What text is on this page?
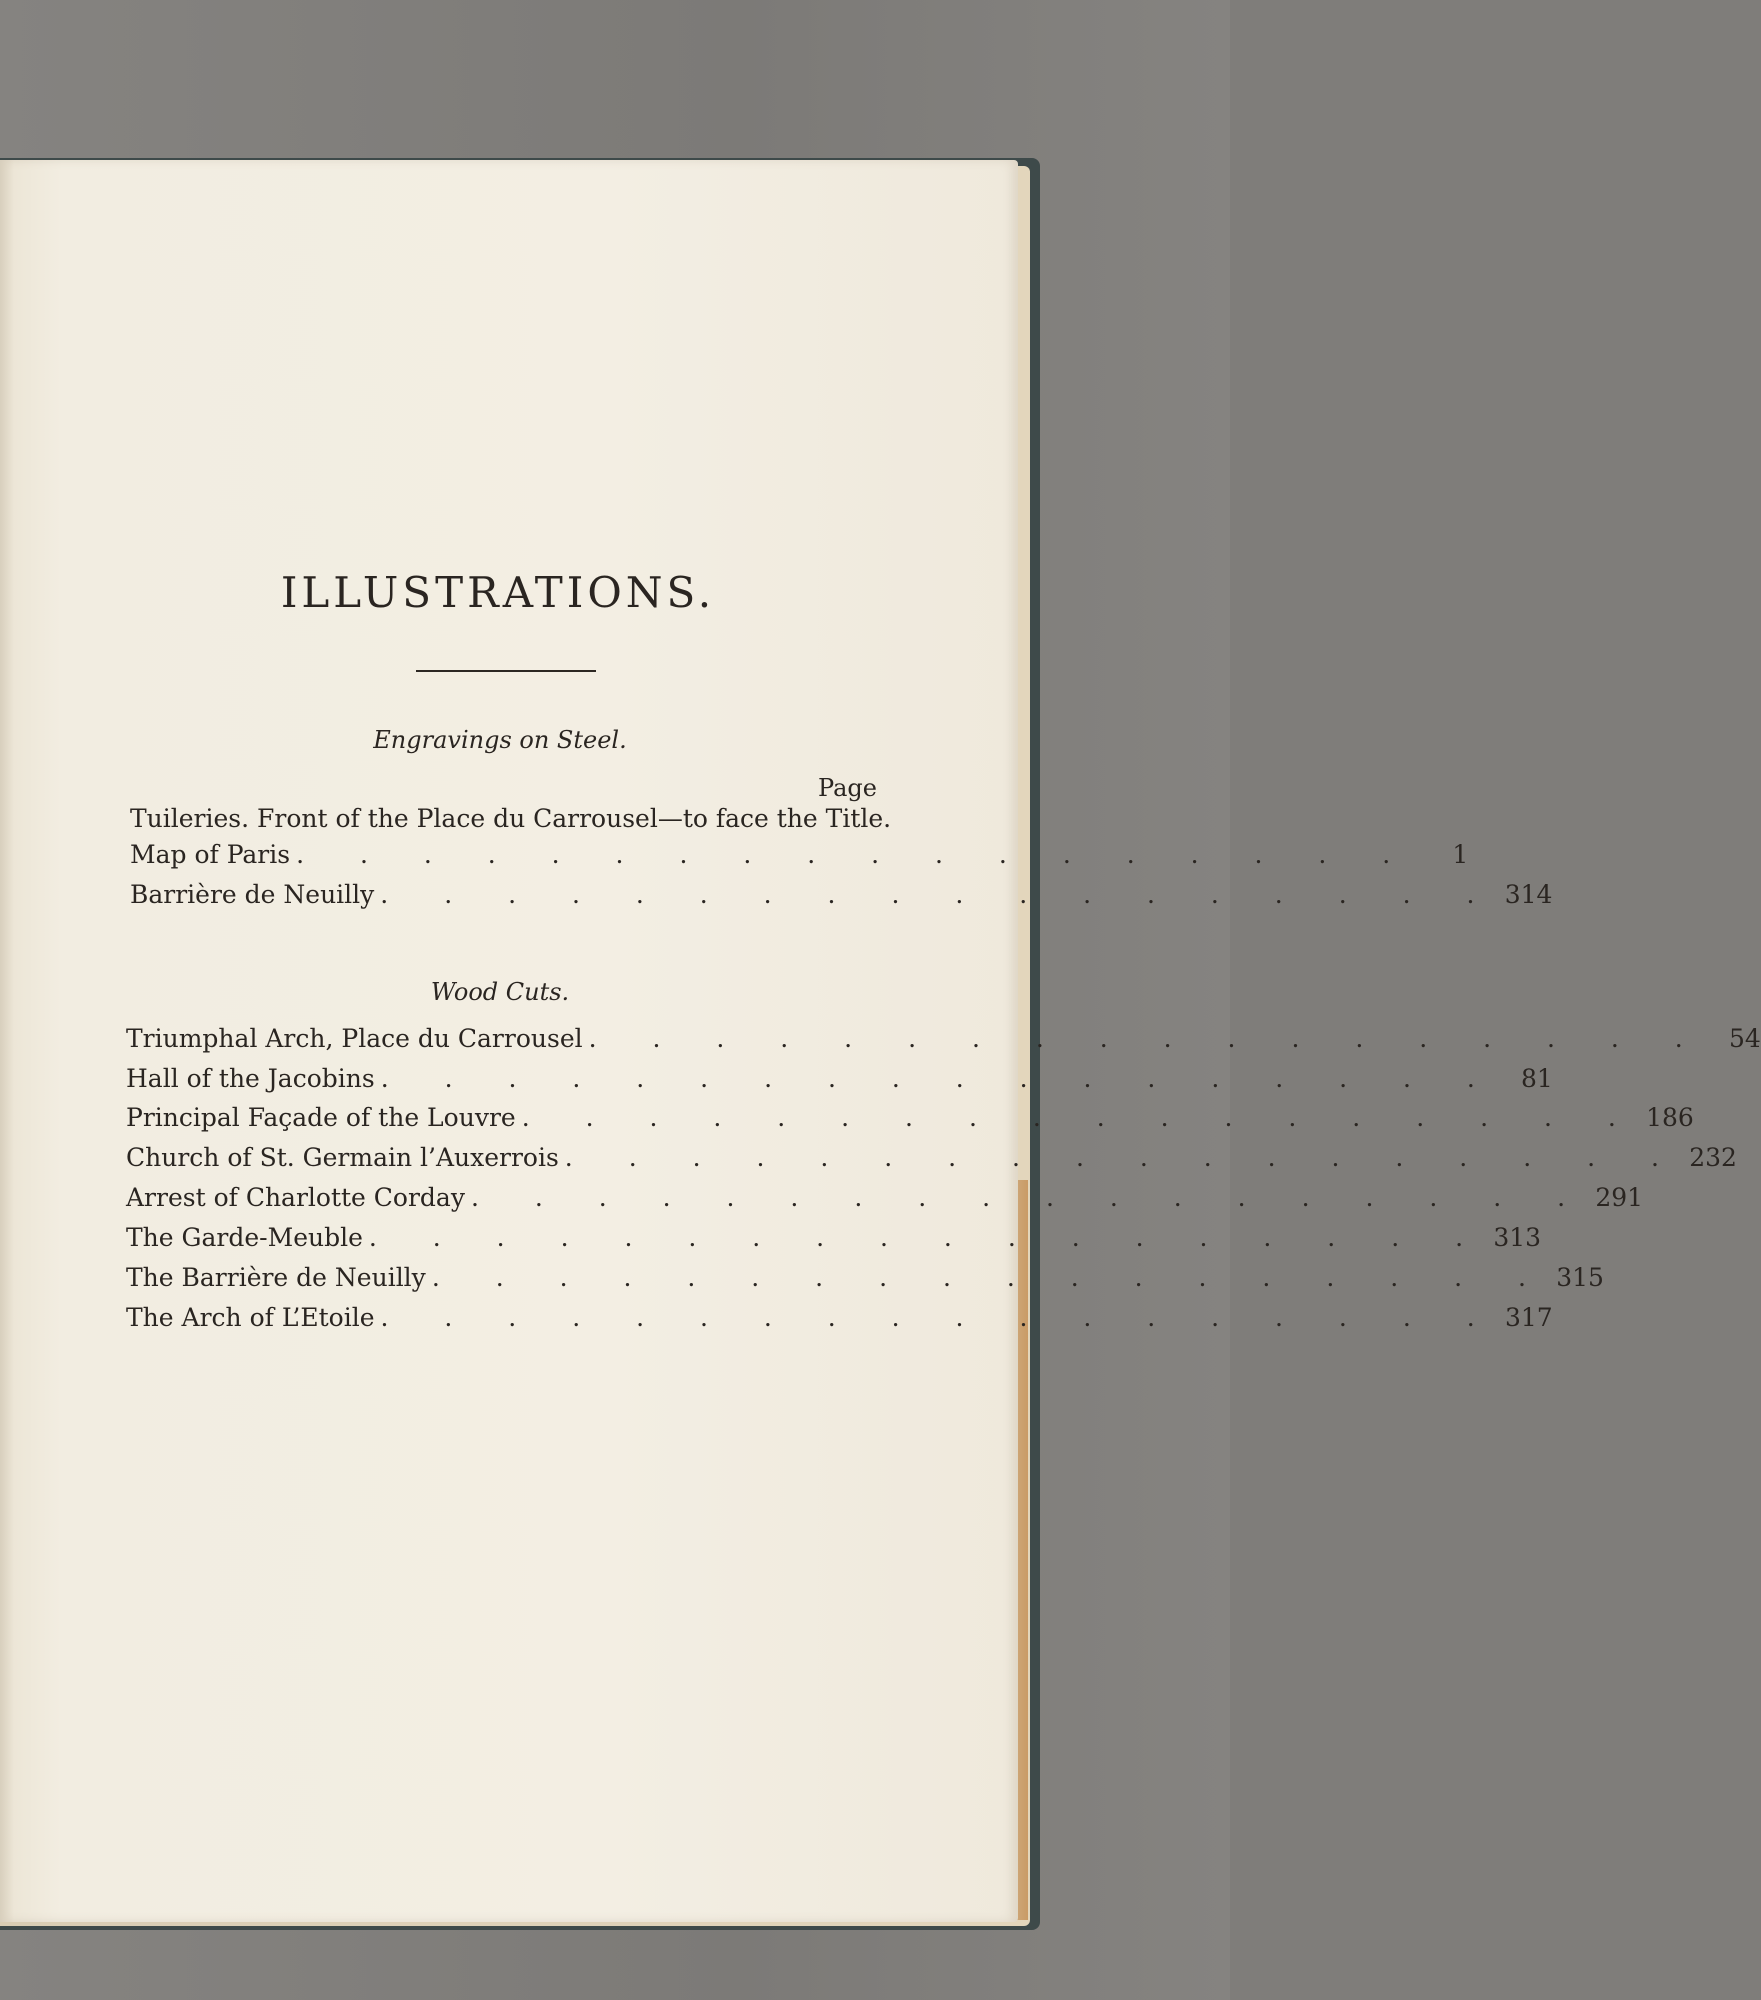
ILLUSTRATIONS.
Engravings on Steel.
Page
Tuileries. Front of the Place du Carrousel—to face the Title.
Map of Paris . . . . . . . . . . . . . . . . . .	1
Barrière de Neuilly . . . . . . . . . . . . . . . . . . 314
Wood Cuts.
Triumphal Arch, Place du Carrousel . . . . . . . . . . . . . . . . . . 54
Hall of the Jacobins . . . . . . . . . . . . . . . . . . 81
Principal Façade of the Louvre . . . . . . . . . . . . . . . . . . 186
Church of St. Germain l’Auxerrois . . . . . . . . . . . . . . . . . . 232
Arrest of Charlotte Corday . . . . . . . . . . . . . . . . . . 291
The Garde-Meuble . . . . . . . . . . . . . . . . . . 313
The Barrière de Neuilly . . . . . . . . . . . . . . . . . . 315
The Arch of L’Etoile . . . . . . . . . . . . . . . . . . 317
